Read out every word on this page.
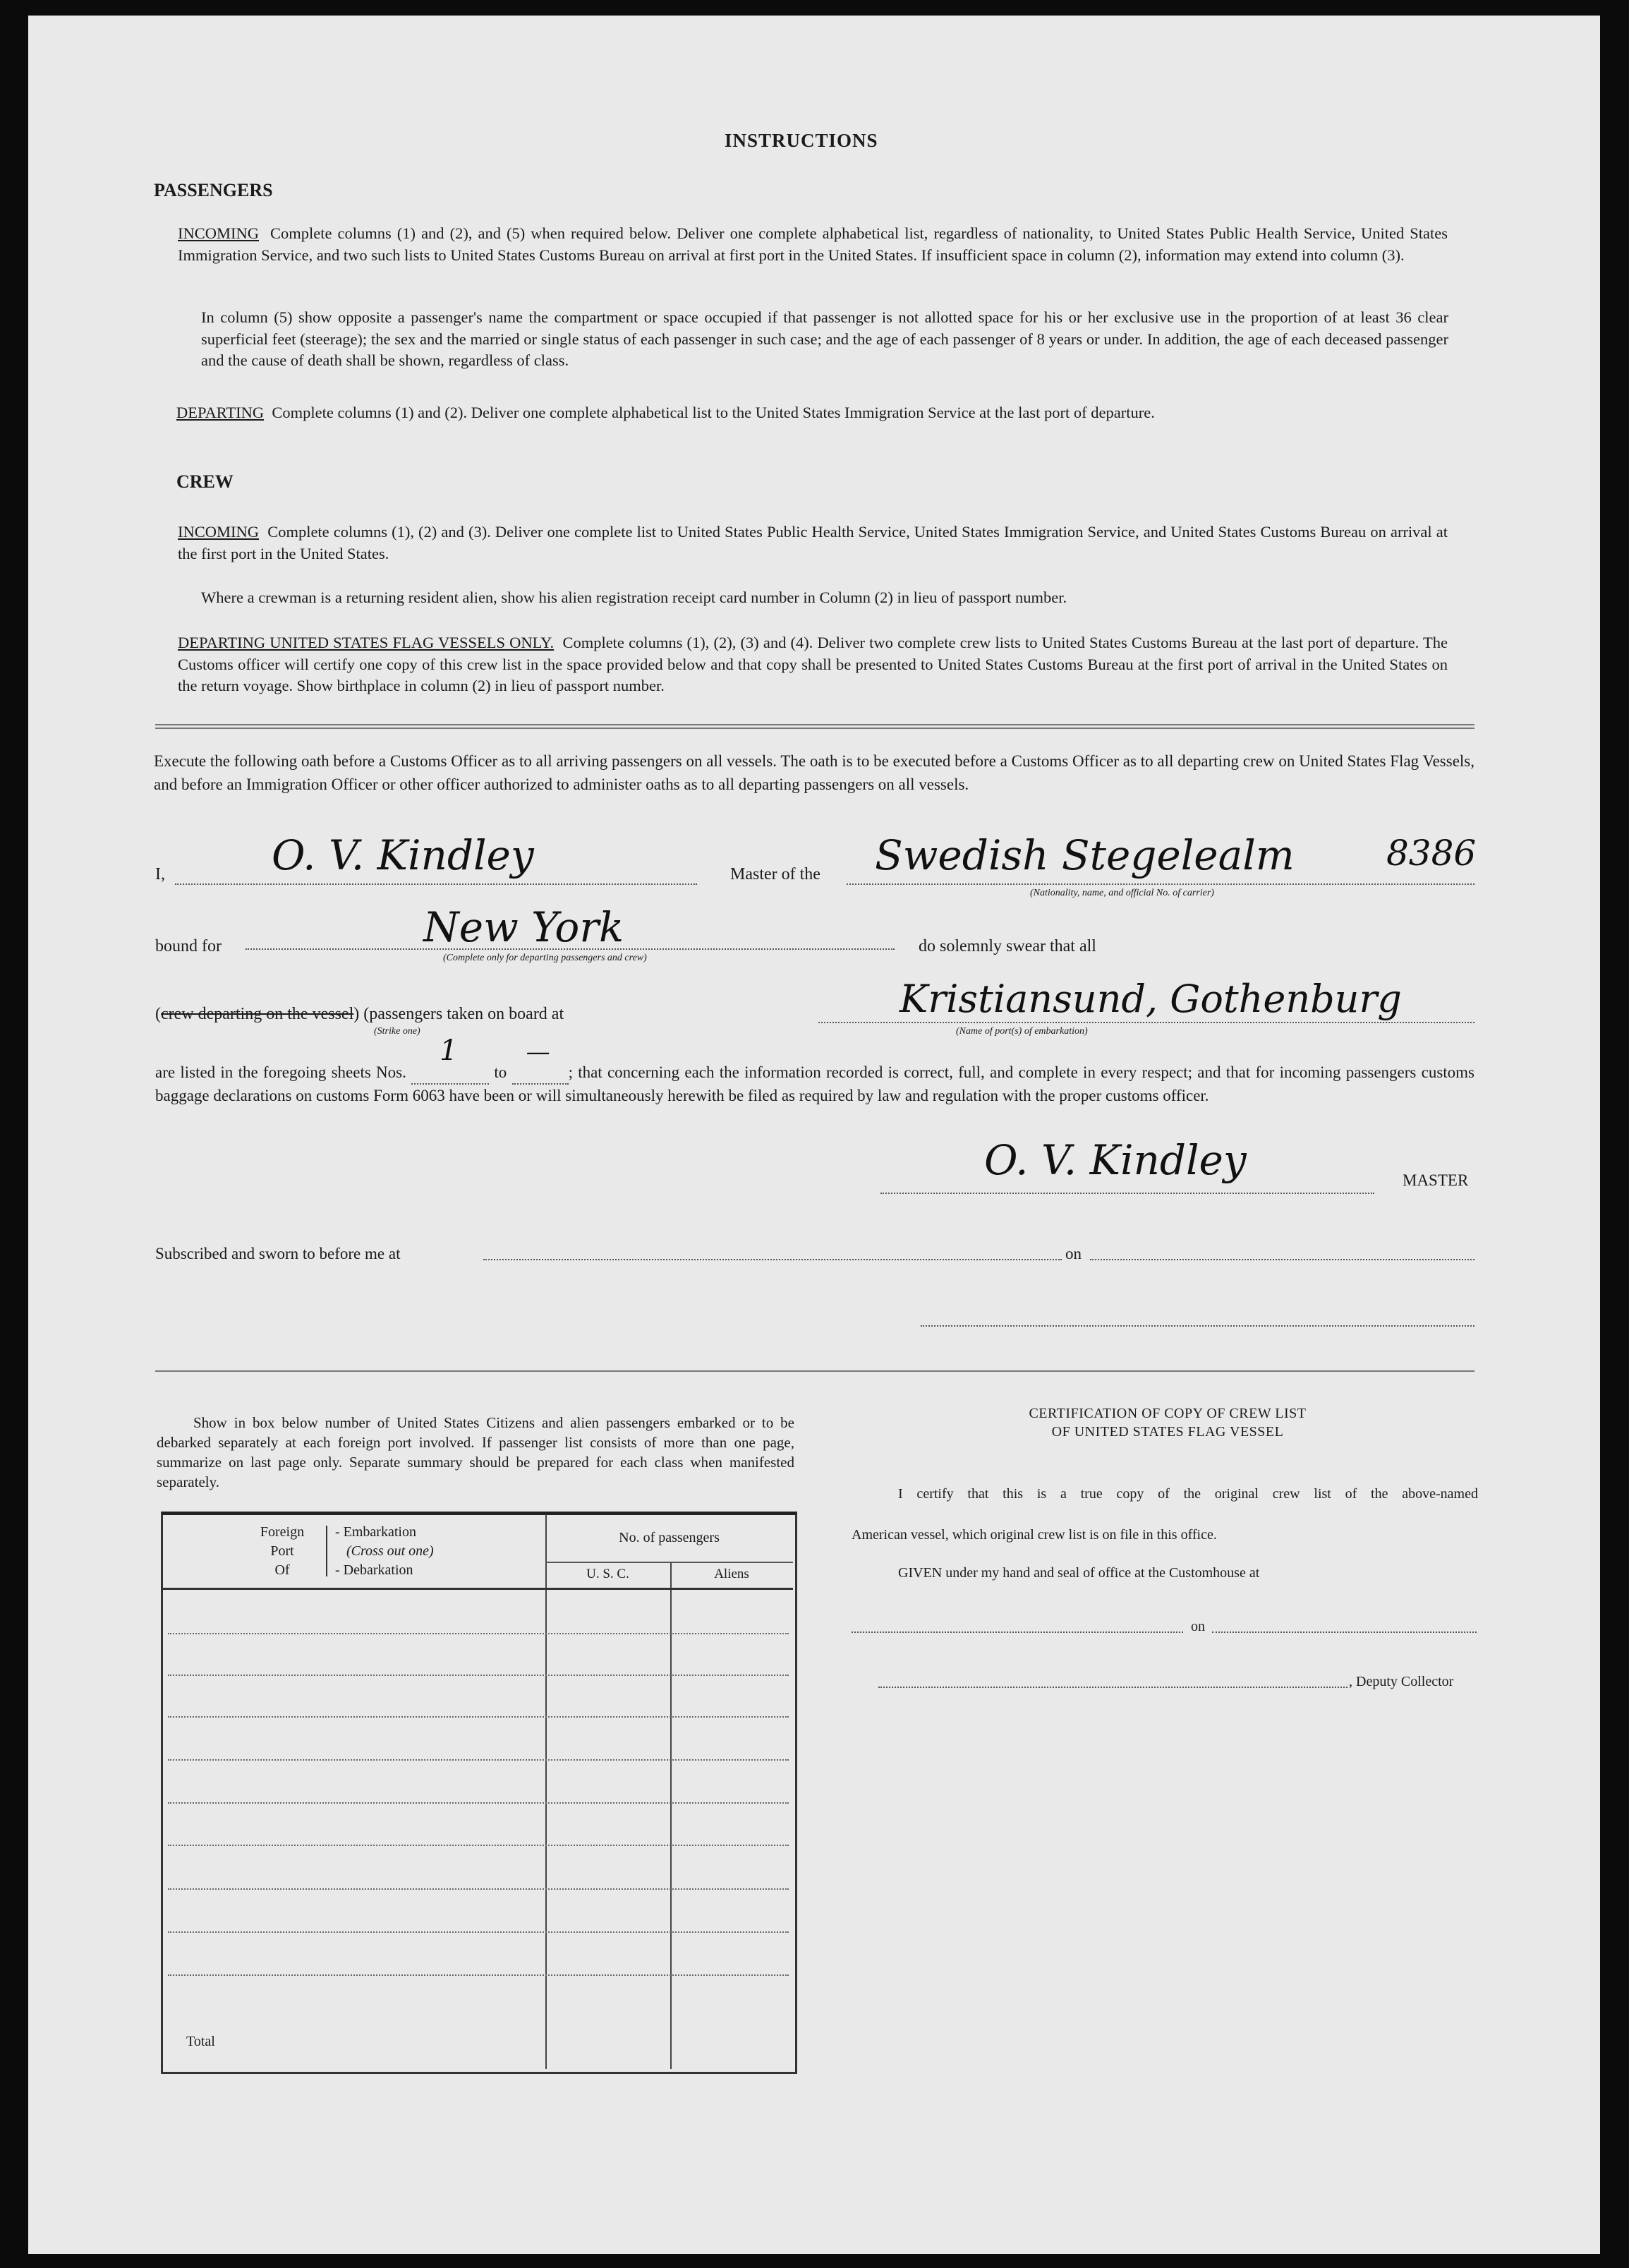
INSTRUCTIONS
PASSENGERS
INCOMING Complete columns (1) and (2), and (5) when required below. Deliver one complete alphabetical list, regardless of nationality, to United States Public Health Service, United States Immigration Service, and two such lists to United States Customs Bureau on arrival at first port in the United States. If insufficient space in column (2), information may extend into column (3).
In column (5) show opposite a passenger's name the compartment or space occupied if that passenger is not allotted space for his or her exclusive use in the proportion of at least 36 clear superficial feet (steerage); the sex and the married or single status of each passenger in such case; and the age of each passenger of 8 years or under. In addition, the age of each deceased passenger and the cause of death shall be shown, regardless of class.
DEPARTING Complete columns (1) and (2). Deliver one complete alphabetical list to the United States Immigration Service at the last port of departure.
CREW
INCOMING Complete columns (1), (2) and (3). Deliver one complete list to United States Public Health Service, United States Immigration Service, and United States Customs Bureau on arrival at the first port in the United States.
Where a crewman is a returning resident alien, show his alien registration receipt card number in Column (2) in lieu of passport number.
DEPARTING UNITED STATES FLAG VESSELS ONLY. Complete columns (1), (2), (3) and (4). Deliver two complete crew lists to United States Customs Bureau at the last port of departure. The Customs officer will certify one copy of this crew list in the space provided below and that copy shall be presented to United States Customs Bureau at the first port of arrival in the United States on the return voyage. Show birthplace in column (2) in lieu of passport number.
Execute the following oath before a Customs Officer as to all arriving passengers on all vessels. The oath is to be executed before a Customs Officer as to all departing crew on United States Flag Vessels, and before an Immigration Officer or other officer authorized to administer oaths as to all departing passengers on all vessels.
I,	O. V. Kindley	Master of the Swedish Stegelealm	8386
(Nationality, name, and official No. of carrier)
bound for	New York
(Complete only for departing passengers and crew)
do solemnly swear that all
(crew departing on the vessel) (passengers taken on board at
(Strike one)
Kristiansund, Gothenburg
(Name of port(s) of embarkation)
are listed in the foregoing sheets Nos.
1
to
—
; that concerning each the information recorded is correct, full, and complete in every respect; and that for incoming passengers customs baggage declarations on customs Form 6063 have been or will simultaneously herewith be filed as required by law and regulation with the proper customs officer.
O. V. Kindley	MASTER
Subscribed and sworn to before me at	on
Show in box below number of United States Citizens and alien passengers embarked or to be debarked separately at each foreign port involved. If passenger list consists of more than one page, summarize on last page only. Separate summary should be prepared for each class when manifested separately.
Foreign
Port
Of
- Embarkation
(Cross out one)
- Debarkation
No. of passengers
U. S. C.	Aliens
Total
CERTIFICATION OF COPY OF CREW LIST
OF UNITED STATES FLAG VESSEL
I certify that this is a true copy of the original crew list of the above-named
American vessel, which original crew list is on file in this office.
GIVEN under my hand and seal of office at the Customhouse at
on
, Deputy Collector
